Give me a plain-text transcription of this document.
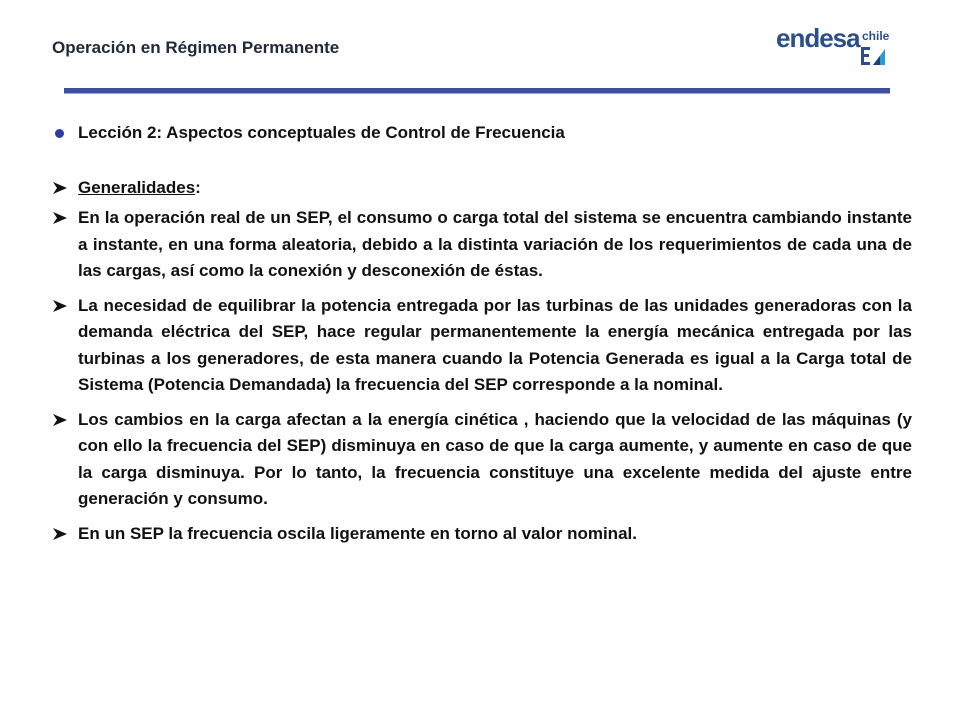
Operación en Régimen Permanente	endesa chile

Lección 2: Aspectos conceptuales de Control de Frecuencia

Generalidades:

En la operación real de un SEP, el consumo o carga total del sistema se encuentra cambiando instante a instante, en una forma aleatoria, debido a la distinta variación de los requerimientos de cada una de las cargas, así como la conexión y desconexión de éstas.

La necesidad de equilibrar la potencia entregada por las turbinas de las unidades generadoras con la demanda eléctrica del SEP, hace regular permanentemente la energía mecánica entregada por las turbinas a los generadores, de esta manera cuando la Potencia Generada es igual a la Carga total de Sistema (Potencia Demandada) la frecuencia del SEP corresponde a la nominal.

Los cambios en la carga afectan a la energía cinética , haciendo que la velocidad de las máquinas (y con ello la frecuencia del SEP) disminuya en caso de que la carga aumente, y aumente en caso de que la carga disminuya. Por lo tanto, la frecuencia constituye una excelente medida del ajuste entre generación y consumo.

En un SEP la frecuencia oscila ligeramente en torno al valor nominal.
